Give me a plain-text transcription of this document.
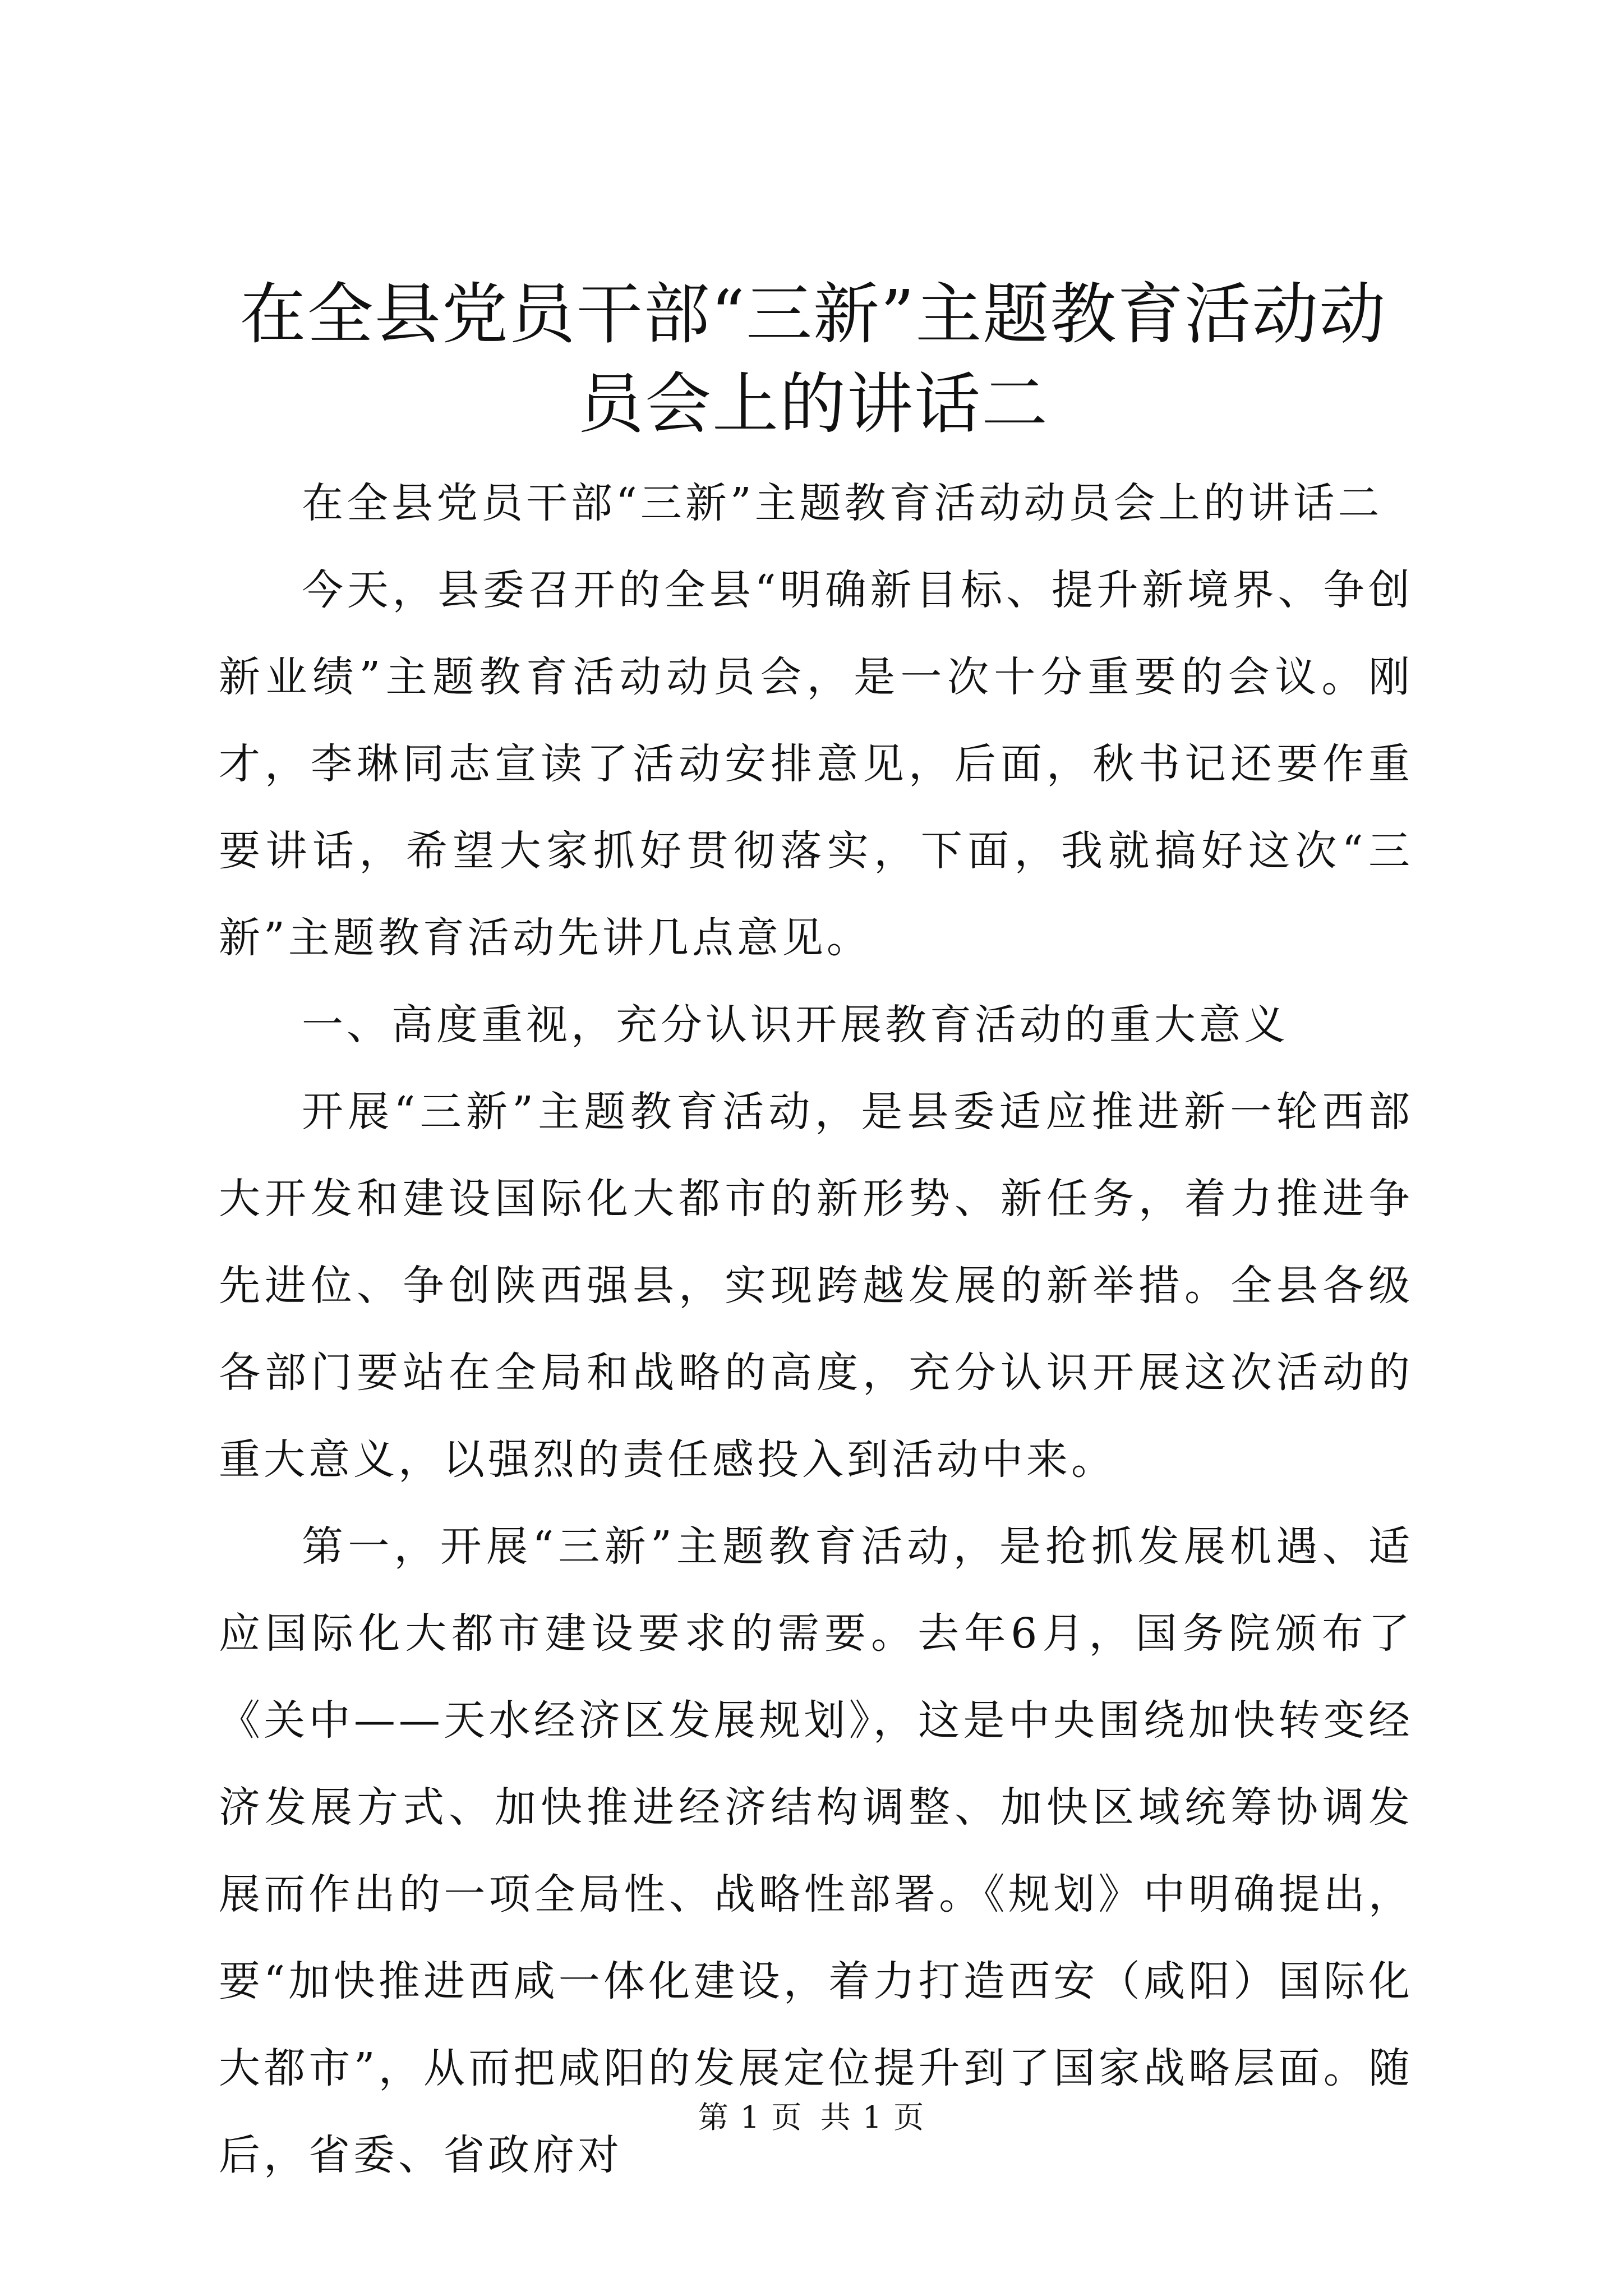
在全县党员干部“三新”主题教育活动动员会上的讲话二

在全县党员干部“三新”主题教育活动动员会上的讲话二

今天，县委召开的全县“明确新目标、提升新境界、争创新业绩”主题教育活动动员会，是一次十分重要的会议。刚才，李琳同志宣读了活动安排意见，后面，秋书记还要作重要讲话，希望大家抓好贯彻落实，下面，我就搞好这次“三新”主题教育活动先讲几点意见。

一、高度重视，充分认识开展教育活动的重大意义

开展“三新”主题教育活动，是县委适应推进新一轮西部大开发和建设国际化大都市的新形势、新任务，着力推进争先进位、争创陕西强县，实现跨越发展的新举措。全县各级各部门要站在全局和战略的高度，充分认识开展这次活动的重大意义，以强烈的责任感投入到活动中来。

第一，开展“三新”主题教育活动，是抢抓发展机遇、适应国际化大都市建设要求的需要。去年6月，国务院颁布了《关中——天水经济区发展规划》，这是中央围绕加快转变经济发展方式、加快推进经济结构调整、加快区域统筹协调发展而作出的一项全局性、战略性部署。《规划》中明确提出，要“加快推进西咸一体化建设，着力打造西安（咸阳）国际化大都市”，从而把咸阳的发展定位提升到了国家战略层面。随后，省委、省政府对

第 1 页 共 1 页
